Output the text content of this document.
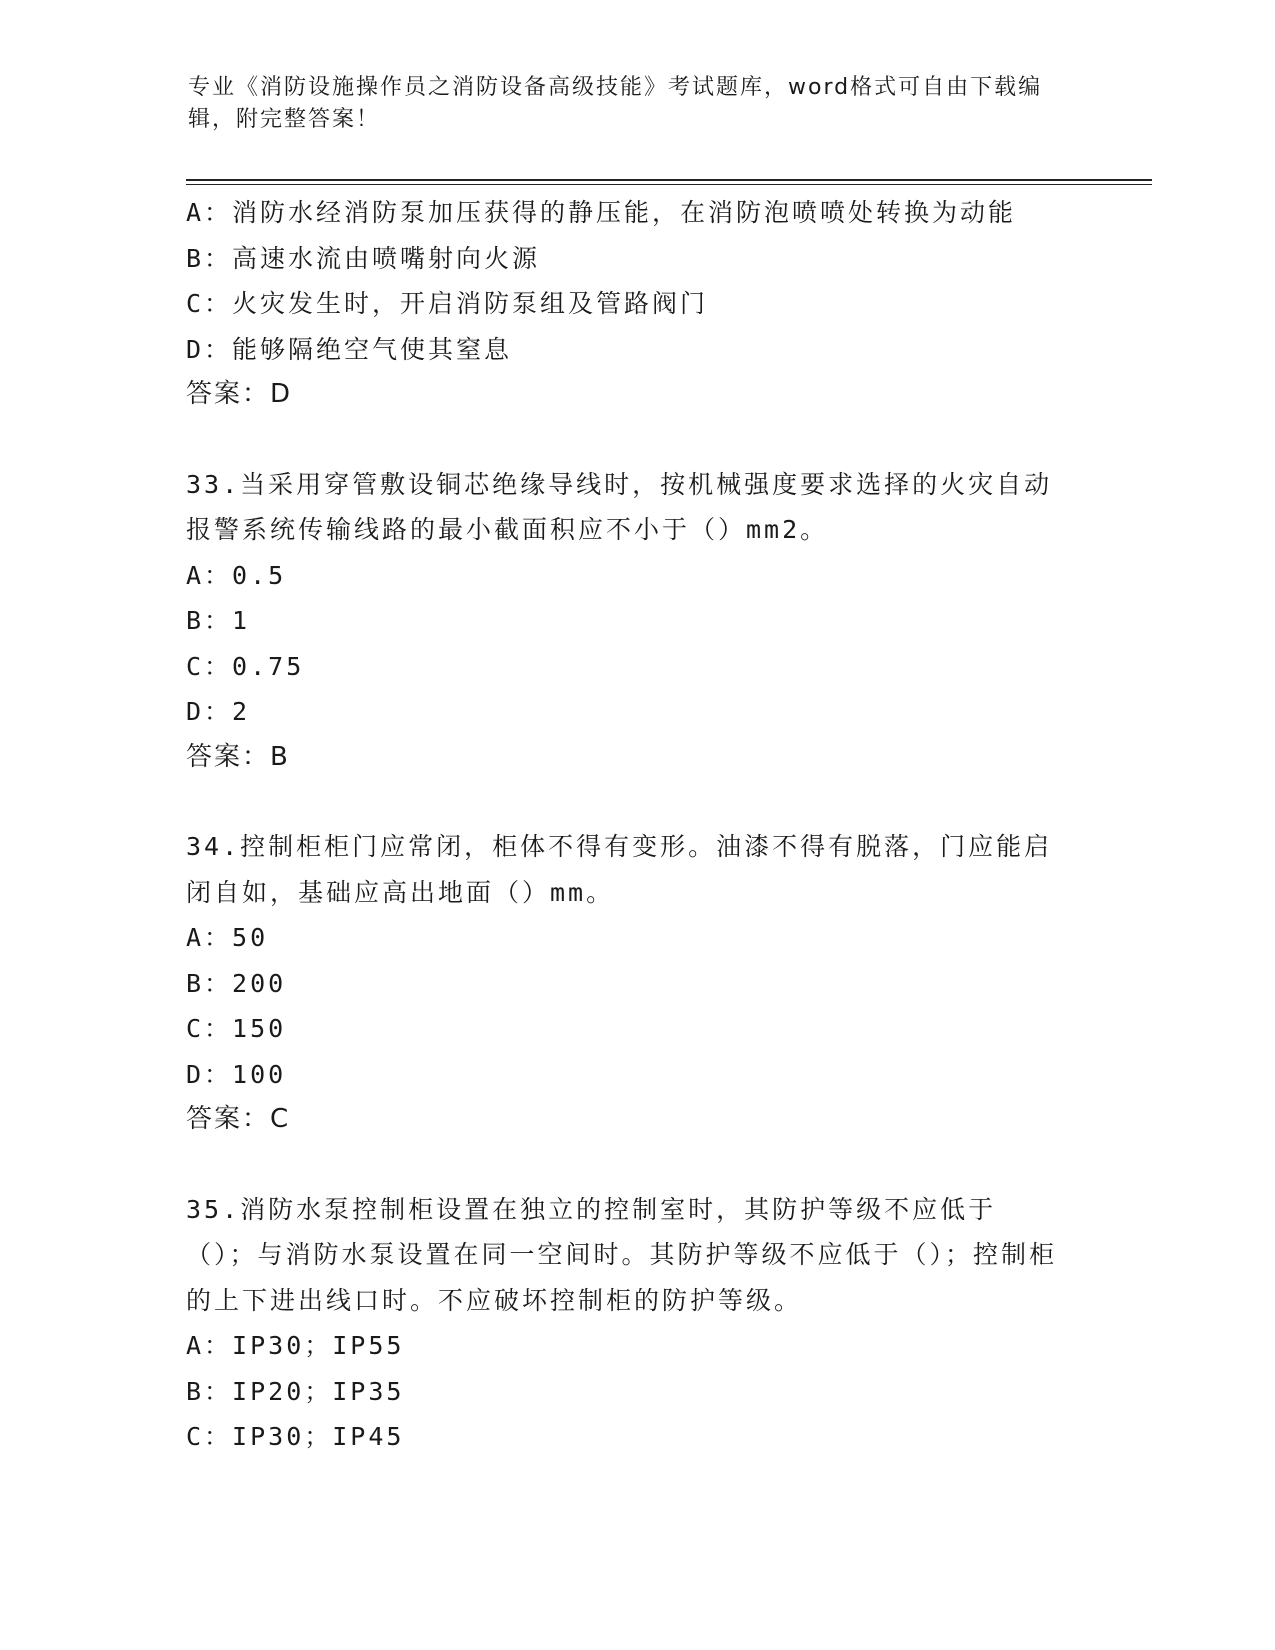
专业《消防设施操作员之消防设备高级技能》考试题库，word格式可自由下载编辑，附完整答案！
A：消防水经消防泵加压获得的静压能，在消防泡喷喷处转换为动能
B：高速水流由喷嘴射向火源
C：火灾发生时，开启消防泵组及管路阀门
D：能够隔绝空气使其窒息
答案：D
33.当采用穿管敷设铜芯绝缘导线时，按机械强度要求选择的火灾自动报警系统传输线路的最小截面积应不小于（）mm2。
A：0.5
B：1
C：0.75
D：2
答案：B
34.控制柜柜门应常闭，柜体不得有变形。油漆不得有脱落，门应能启闭自如，基础应高出地面（）mm。
A：50
B：200
C：150
D：100
答案：C
35.消防水泵控制柜设置在独立的控制室时，其防护等级不应低于（）；与消防水泵设置在同一空间时。其防护等级不应低于（）；控制柜的上下进出线口时。不应破坏控制柜的防护等级。
A：IP30；IP55
B：IP20；IP35
C：IP30；IP45
